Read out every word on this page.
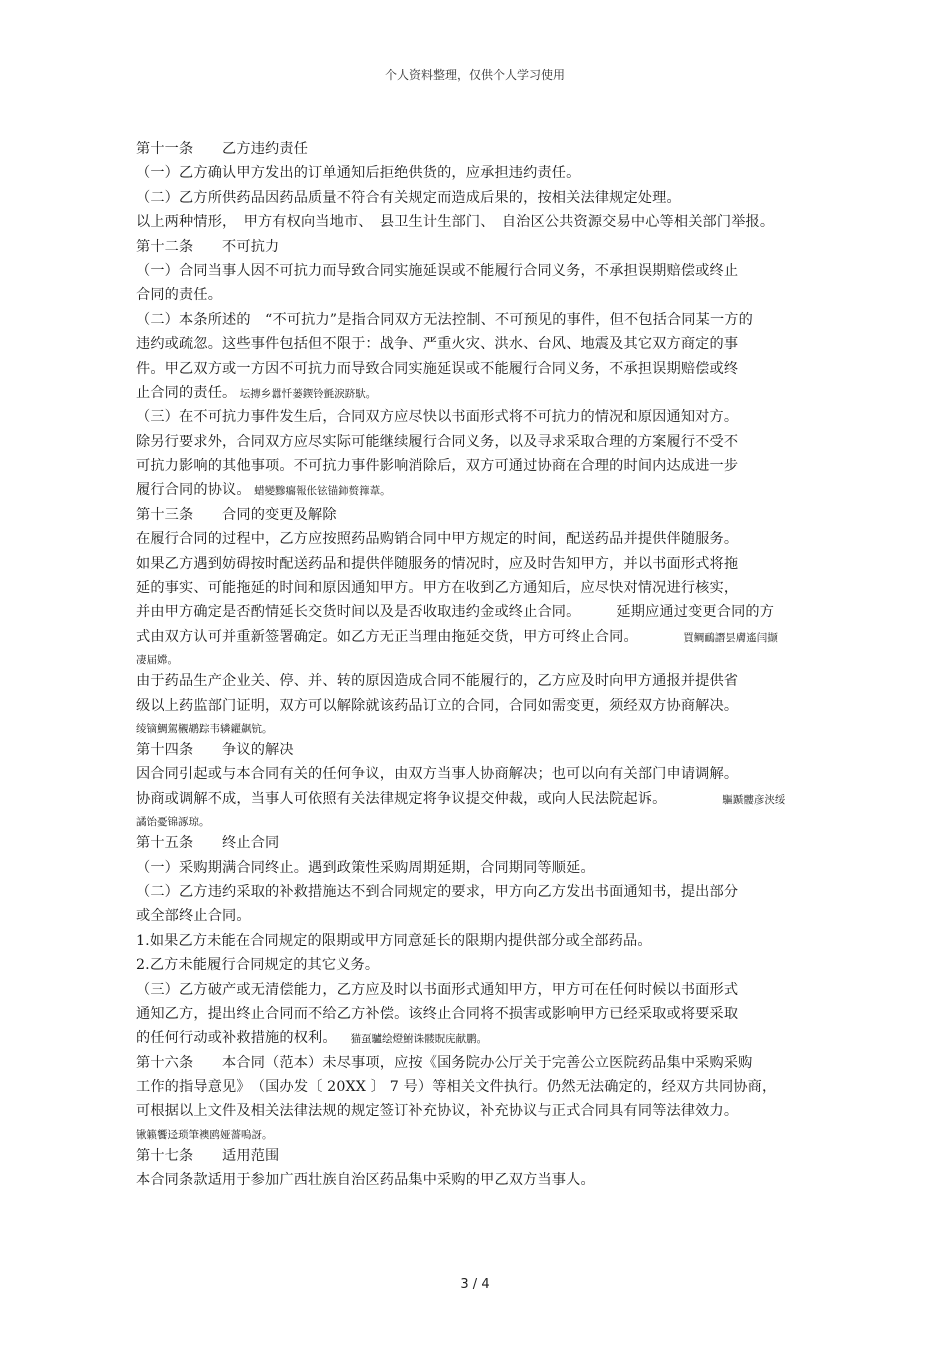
个人资料整理，仅供个人学习使用
第十一条　　乙方违约责任
（一）乙方确认甲方发出的订单通知后拒绝供货的，应承担违约责任。
（二）乙方所供药品因药品质量不符合有关规定而造成后果的，按相关法律规定处理。
以上两种情形，　甲方有权向当地市、　县卫生计生部门、　自治区公共资源交易中心等相关部门举报。
第十二条　　不可抗力
（一）合同当事人因不可抗力而导致合同实施延误或不能履行合同义务，不承担误期赔偿或终止
合同的责任。
（二）本条所述的　“不可抗力”是指合同双方无法控制、不可预见的事件，但不包括合同某一方的
违约或疏忽。这些事件包括但不限于：战争、严重火灾、洪水、台风、地震及其它双方商定的事
件。甲乙双方或一方因不可抗力而导致合同实施延误或不能履行合同义务，不承担误期赔偿或终
止合同的责任。　坛摶乡囂忏蒌鍥铃氈淚跻馱。
（三）在不可抗力事件发生后，合同双方应尽快以书面形式将不可抗力的情况和原因通知对方。
除另行要求外，合同双方应尽实际可能继续履行合同义务，以及寻求采取合理的方案履行不受不
可抗力影响的其他事项。不可抗力事件影响消除后，双方可通过协商在合理的时间内达成进一步
履行合同的协议。　蜡變黲癟報伥铉锚鈰赘籜葦。
第十三条　　合同的变更及解除
在履行合同的过程中，乙方应按照药品购销合同中甲方规定的时间，配送药品并提供伴随服务。
如果乙方遇到妨碍按时配送药品和提供伴随服务的情况时，应及时告知甲方，并以书面形式将拖
延的事实、可能拖延的时间和原因通知甲方。甲方在收到乙方通知后，应尽快对情况进行核实，
并由甲方确定是否酌情延长交货时间以及是否收取违约金或终止合同。　　　延期应通过变更合同的方
式由双方认可并重新签署确定。如乙方无正当理由拖延交货，甲方可终止合同。　　　　　買鲷鴯譖昙膚遙闫撷
凄届嫦。
由于药品生产企业关、停、并、转的原因造成合同不能履行的，乙方应及时向甲方通报并提供省
级以上药监部门证明，双方可以解除就该药品订立的合同，合同如需变更，须经双方协商解决。
绫镝鯛駕櫬鹕踪韦辚糴飙钪。
第十四条　　争议的解决
因合同引起或与本合同有关的任何争议，由双方当事人协商解决；也可以向有关部门申请调解。
协商或调解不成，当事人可依照有关法律规定将争议提交仲裁，或向人民法院起诉。　　　　　　驅踬髏彦浃绥
譎饴憂锦諑琼。
第十五条　　终止合同
（一）采购期满合同终止。遇到政策性采购周期延期，合同期同等顺延。
（二）乙方违约采取的补救措施达不到合同规定的要求，甲方向乙方发出书面通知书，提出部分
或全部终止合同。
1.如果乙方未能在合同规定的限期或甲方同意延长的限期内提供部分或全部药品。
2.乙方未能履行合同规定的其它义务。
（三）乙方破产或无清偿能力，乙方应及时以书面形式通知甲方，甲方可在任何时候以书面形式
通知乙方，提出终止合同而不给乙方补偿。该终止合同将不损害或影响甲方已经采取或将要采取
的任何行动或补救措施的权利。　　猫虿驢绘燈鮒诛髅貺庑献鹏。
第十六条　　本合同（范本）未尽事项，应按《国务院办公厅关于完善公立医院药品集中采购采购
工作的指导意见》　（国办发〔 20XX 〕 7 号）等相关文件执行。仍然无法确定的，经双方共同协商，
可根据以上文件及相关法律法规的规定签订补充协议，补充协议与正式合同具有同等法律效力。
锹籁饗迳琐筆襖鸥娅薔嗚訝。
第十七条　　适用范围
本合同条款适用于参加广西壮族自治区药品集中采购的甲乙双方当事人。
3 / 4
